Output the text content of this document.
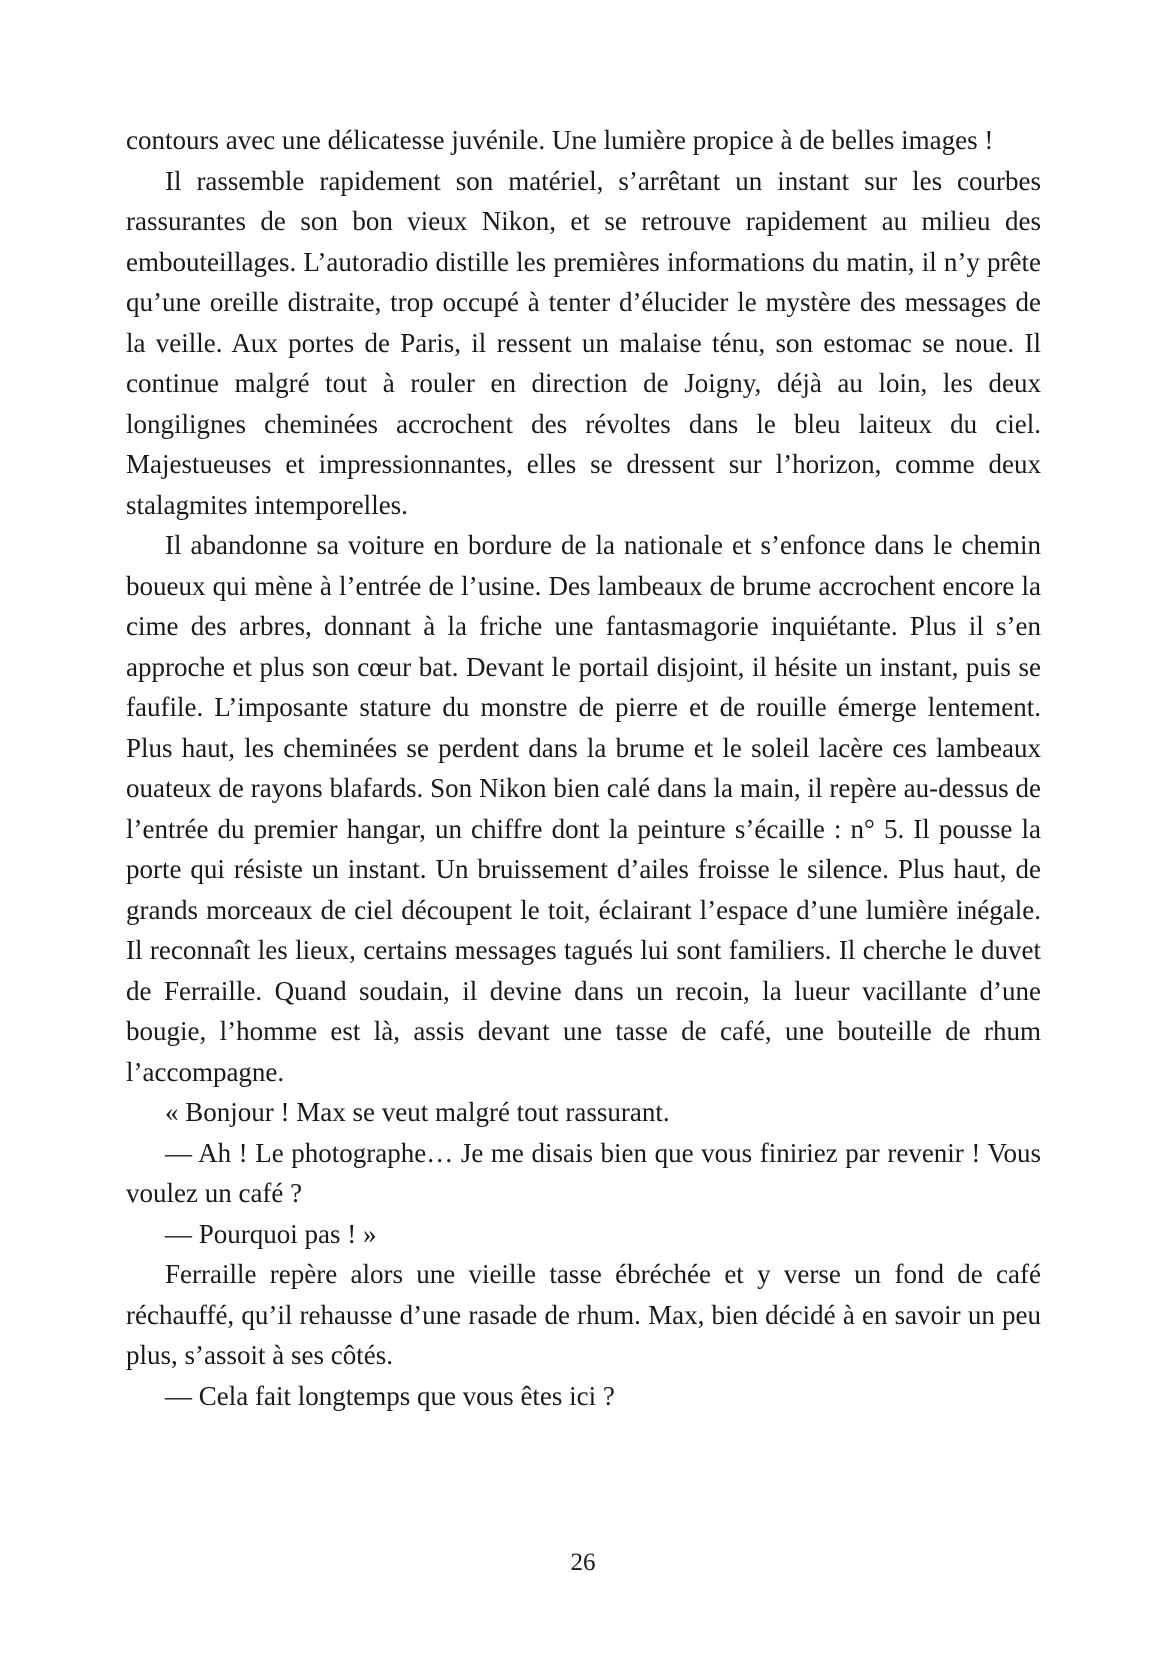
contours avec une délicatesse juvénile. Une lumière propice à de belles images !

Il rassemble rapidement son matériel, s’arrêtant un instant sur les courbes rassurantes de son bon vieux Nikon, et se retrouve rapidement au milieu des embouteillages. L’autoradio distille les premières informations du matin, il n’y prête qu’une oreille distraite, trop occupé à tenter d’élucider le mystère des messages de la veille. Aux portes de Paris, il ressent un malaise ténu, son estomac se noue. Il continue malgré tout à rouler en direction de Joigny, déjà au loin, les deux longilignes cheminées accrochent des révoltes dans le bleu laiteux du ciel. Majestueuses et impressionnantes, elles se dressent sur l’horizon, comme deux stalagmites intemporelles.

Il abandonne sa voiture en bordure de la nationale et s’enfonce dans le chemin boueux qui mène à l’entrée de l’usine. Des lambeaux de brume accrochent encore la cime des arbres, donnant à la friche une fantasmagorie inquiétante. Plus il s’en approche et plus son cœur bat. Devant le portail disjoint, il hésite un instant, puis se faufile. L’imposante stature du monstre de pierre et de rouille émerge lentement. Plus haut, les cheminées se perdent dans la brume et le soleil lacère ces lambeaux ouateux de rayons blafards. Son Nikon bien calé dans la main, il repère au-dessus de l’entrée du premier hangar, un chiffre dont la peinture s’écaille : n° 5. Il pousse la porte qui résiste un instant. Un bruissement d’ailes froisse le silence. Plus haut, de grands morceaux de ciel découpent le toit, éclairant l’espace d’une lumière inégale. Il reconnaît les lieux, certains messages tagués lui sont familiers. Il cherche le duvet de Ferraille. Quand soudain, il devine dans un recoin, la lueur vacillante d’une bougie, l’homme est là, assis devant une tasse de café, une bouteille de rhum l’accompagne.

« Bonjour ! Max se veut malgré tout rassurant.

— Ah ! Le photographe… Je me disais bien que vous finiriez par revenir ! Vous voulez un café ?

— Pourquoi pas ! »

Ferraille repère alors une vieille tasse ébréchée et y verse un fond de café réchauffé, qu’il rehausse d’une rasade de rhum. Max, bien décidé à en savoir un peu plus, s’assoit à ses côtés.

— Cela fait longtemps que vous êtes ici ?

26
